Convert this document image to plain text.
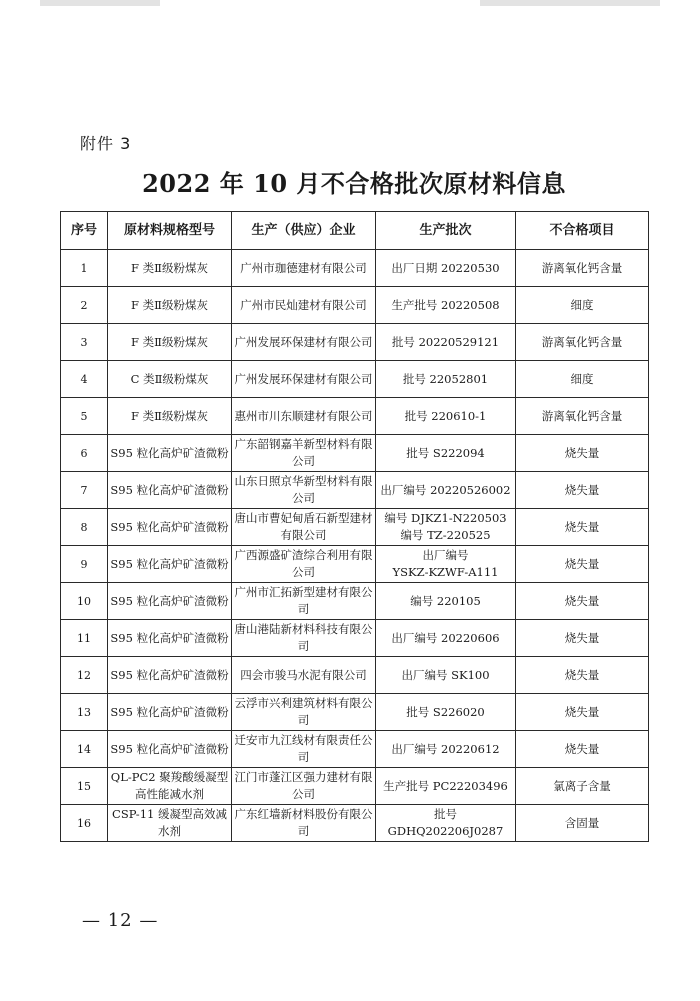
附件 3
2022 年 10 月不合格批次原材料信息
序号	原材料规格型号	生产（供应）企业	生产批次	不合格项目
1	F 类Ⅱ级粉煤灰	广州市珈德建材有限公司	出厂日期 20220530	游离氧化钙含量
2	F 类Ⅱ级粉煤灰	广州市民灿建材有限公司	生产批号 20220508	细度
3	F 类Ⅱ级粉煤灰	广州发展环保建材有限公司	批号 20220529121	游离氧化钙含量
4	C 类Ⅱ级粉煤灰	广州发展环保建材有限公司	批号 22052801	细度
5	F 类Ⅱ级粉煤灰	惠州市川东顺建材有限公司	批号 220610-1	游离氧化钙含量
6	S95 粒化高炉矿渣微粉	广东韶钢嘉羊新型材料有限公司	批号 S222094	烧失量
7	S95 粒化高炉矿渣微粉	山东日照京华新型材料有限公司	出厂编号 20220526002	烧失量
8	S95 粒化高炉矿渣微粉	唐山市曹妃甸盾石新型建材有限公司	编号 DJKZ1-N220503
编号 TZ-220525	烧失量
9	S95 粒化高炉矿渣微粉	广西源盛矿渣综合利用有限公司	出厂编号
YSKZ-KZWF-A111	烧失量
10	S95 粒化高炉矿渣微粉	广州市汇拓新型建材有限公司	编号 220105	烧失量
11	S95 粒化高炉矿渣微粉	唐山港陆新材料科技有限公司	出厂编号 20220606	烧失量
12	S95 粒化高炉矿渣微粉	四会市骏马水泥有限公司	出厂编号 SK100	烧失量
13	S95 粒化高炉矿渣微粉	云浮市兴利建筑材料有限公司	批号 S226020	烧失量
14	S95 粒化高炉矿渣微粉	迁安市九江线材有限责任公司	出厂编号 20220612	烧失量
15	QL-PC2 聚羧酸缓凝型高性能减水剂	江门市蓬江区强力建材有限公司	生产批号 PC22203496	氯离子含量
16	CSP-11 缓凝型高效减水剂	广东红墙新材料股份有限公司	批号 GDHQ202206J0287	含固量
— 12 —
